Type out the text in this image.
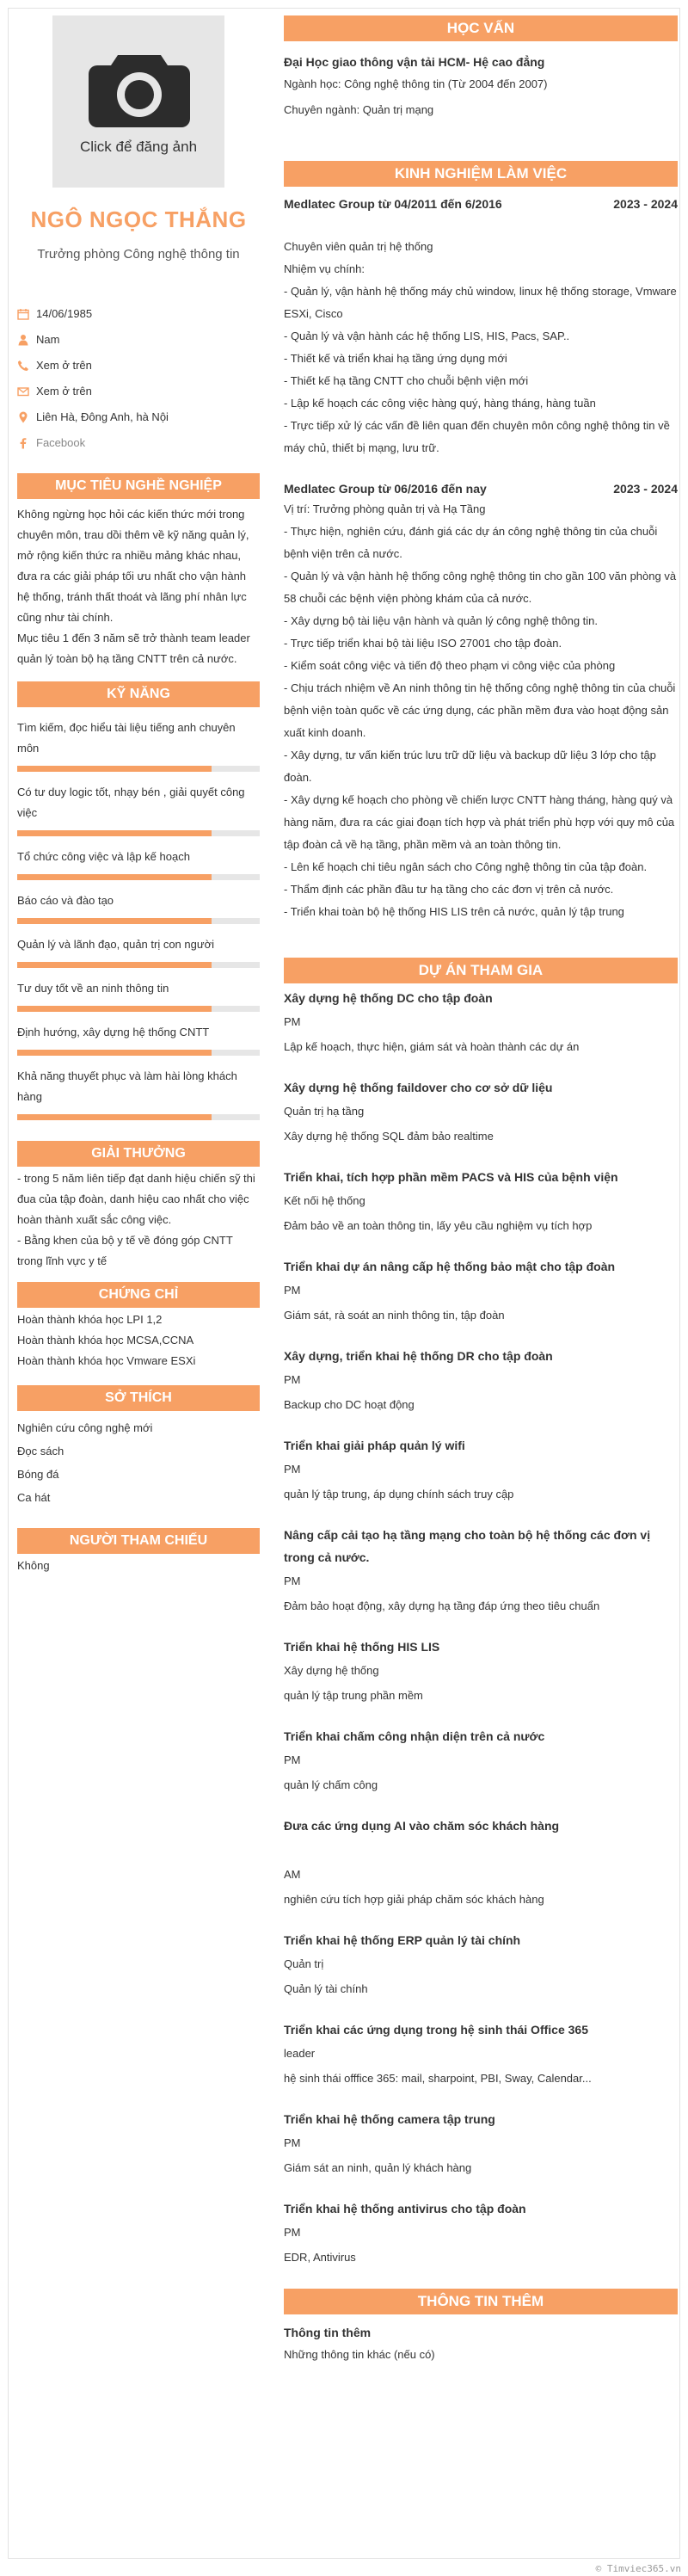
Click để đăng ảnh
NGÔ NGỌC THẮNG
Trưởng phòng Công nghệ thông tin
14/06/1985
Nam
Xem ở trên
Xem ở trên
Liên Hà, Đông Anh, hà Nội
Facebook
MỤC TIÊU NGHỀ NGHIỆP
Không ngừng học hỏi các kiến thức mới trong chuyên môn, trau dồi thêm về kỹ năng quản lý, mở rộng kiến thức ra nhiều mảng khác nhau, đưa ra các giải pháp tối ưu nhất cho vận hành hệ thống, tránh thất thoát và lãng phí nhân lực cũng như tài chính.
Mục tiêu 1 đến 3 năm sẽ trở thành team leader quản lý toàn bộ hạ tầng CNTT trên cả nước.
KỸ NĂNG
Tìm kiếm, đọc hiểu tài liệu tiếng anh chuyên môn
Có tư duy logic tốt, nhạy bén , giải quyết công việc
Tổ chức công việc và lập kế hoạch
Báo cáo và đào tạo
Quản lý và lãnh đạo, quản trị con người
Tư duy tốt về an ninh thông tin
Định hướng, xây dựng hệ thống CNTT
Khả năng thuyết phục và làm hài lòng khách hàng
GIẢI THƯỞNG
- trong 5 năm liên tiếp đạt danh hiệu chiến sỹ thi đua của tập đoàn, danh hiệu cao nhất cho việc hoàn thành xuất sắc công việc.
- Bằng khen của bộ y tế về đóng góp CNTT trong lĩnh vực y tế
CHỨNG CHỈ
Hoàn thành khóa học LPI 1,2
Hoàn thành khóa học MCSA,CCNA
Hoàn thành khóa học Vmware ESXi
SỞ THÍCH
Nghiên cứu công nghệ mới
Đọc sách
Bóng đá
Ca hát
NGƯỜI THAM CHIẾU
Không
HỌC VẤN
Đại Học giao thông vận tải HCM- Hệ cao đẳng
Ngành học: Công nghệ thông tin (Từ 2004 đến 2007)
Chuyên ngành: Quản trị mạng
KINH NGHIỆM LÀM VIỆC
Medlatec Group từ 04/2011 đến 6/2016	2023 - 2024
Chuyên viên quản trị hệ thống
Nhiệm vụ chính:
- Quản lý, vận hành hệ thống máy chủ window, linux hệ thống storage, Vmware ESXi, Cisco
- Quản lý và vận hành các hệ thống LIS, HIS, Pacs, SAP..
- Thiết kế và triển khai hạ tầng ứng dụng mới
- Thiết kế hạ tầng CNTT cho chuỗi bệnh viện mới
- Lập kế hoạch các công việc hàng quý, hàng tháng, hàng tuần
- Trực tiếp xử lý các vấn đề liên quan đến chuyên môn công nghệ thông tin về máy chủ, thiết bị mạng, lưu trữ.
Medlatec Group từ 06/2016 đến nay	2023 - 2024
Vị trí: Trưởng phòng quản trị và Hạ Tầng
- Thực hiện, nghiên cứu, đánh giá các dự án công nghệ thông tin của chuỗi bệnh viện trên cả nước.
- Quản lý và vận hành hệ thống công nghệ thông tin cho gần 100 văn phòng và 58 chuỗi các bệnh viện phòng khám của cả nước.
- Xây dựng bộ tài liệu vận hành và quản lý công nghệ thông tin.
- Trực tiếp triển khai bộ tài liệu ISO 27001 cho tập đoàn.
- Kiểm soát công việc và tiến độ theo phạm vi công việc của phòng
- Chịu trách nhiệm về An ninh thông tin hệ thống công nghệ thông tin của chuỗi bệnh viện toàn quốc về các ứng dụng, các phần mềm đưa vào hoạt động sản xuất kinh doanh.
- Xây dựng, tư vấn kiến trúc lưu trữ dữ liệu và backup dữ liệu 3 lớp cho tập đoàn.
- Xây dựng kế hoạch cho phòng về chiến lược CNTT hàng tháng, hàng quý và hàng năm, đưa ra các giai đoạn tích hợp và phát triển phù hợp với quy mô của tập đoàn cả về hạ tầng, phần mềm và an toàn thông tin.
- Lên kế hoạch chi tiêu ngân sách cho Công nghệ thông tin của tập đoàn.
- Thẩm định các phần đầu tư hạ tầng cho các đơn vị trên cả nước.
- Triển khai toàn bộ hệ thống HIS LIS trên cả nước, quản lý tập trung
DỰ ÁN THAM GIA
Xây dựng hệ thống DC cho tập đoàn
PM
Lập kế hoạch, thực hiện, giám sát và hoàn thành các dự án
Xây dựng hệ thống faildover cho cơ sở dữ liệu
Quản trị hạ tầng
Xây dựng hệ thống SQL đảm bảo realtime
Triển khai, tích hợp phần mềm PACS và HIS của bệnh viện
Kết nối hệ thống
Đảm bảo về an toàn thông tin, lấy yêu cầu nghiệm vụ tích hợp
Triển khai dự án nâng cấp hệ thống bảo mật cho tập đoàn
PM
Giám sát, rà soát an ninh thông tin, tập đoàn
Xây dựng, triển khai hệ thống DR cho tập đoàn
PM
Backup cho DC hoạt động
Triển khai giải pháp quản lý wifi
PM
quản lý tập trung, áp dụng chính sách truy cập
Nâng cấp cải tạo hạ tầng mạng cho toàn bộ hệ thống các đơn vị trong cả nước.
PM
Đảm bảo hoạt động, xây dựng hạ tầng đáp ứng theo tiêu chuẩn
Triển khai hệ thống HIS LIS
Xây dựng hệ thống
quản lý tập trung phần mềm
Triển khai chấm công nhận diện trên cả nước
PM
quản lý chấm công
Đưa các ứng dụng AI vào chăm sóc khách hàng
AM
nghiên cứu tích hợp giải pháp chăm sóc khách hàng
Triển khai hệ thống ERP quản lý tài chính
Quản trị
Quản lý tài chính
Triển khai các ứng dụng trong hệ sinh thái Office 365
leader
hệ sinh thái offfice 365: mail, sharpoint, PBI, Sway, Calendar...
Triển khai hệ thống camera tập trung
PM
Giám sát an ninh, quản lý khách hàng
Triển khai hệ thống antivirus cho tập đoàn
PM
EDR, Antivirus
THÔNG TIN THÊM
Thông tin thêm
Những thông tin khác (nếu có)
© Timviec365.vn
